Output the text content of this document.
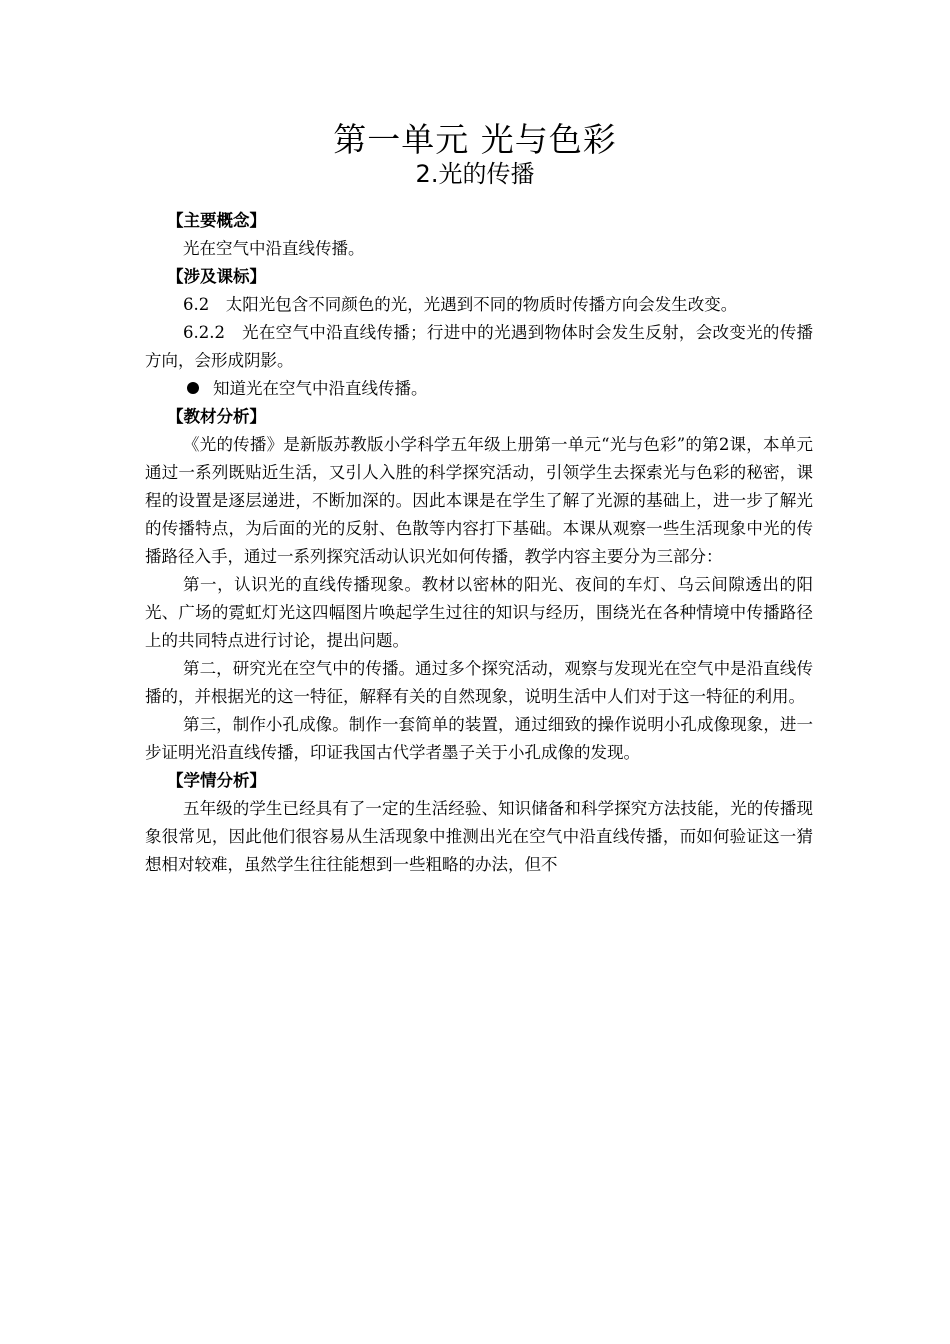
第一单元 光与色彩
2.光的传播

【主要概念】

光在空气中沿直线传播。

【涉及课标】

6.2　太阳光包含不同颜色的光，光遇到不同的物质时传播方向会发生改变。

6.2.2　光在空气中沿直线传播；行进中的光遇到物体时会发生反射，会改变光的传播方向，会形成阴影。

知道光在空气中沿直线传播。

【教材分析】

《光的传播》是新版苏教版小学科学五年级上册第一单元“光与色彩”的第2课，本单元通过一系列既贴近生活，又引人入胜的科学探究活动，引领学生去探索光与色彩的秘密，课程的设置是逐层递进，不断加深的。因此本课是在学生了解了光源的基础上，进一步了解光的传播特点，为后面的光的反射、色散等内容打下基础。本课从观察一些生活现象中光的传播路径入手，通过一系列探究活动认识光如何传播，教学内容主要分为三部分：

第一，认识光的直线传播现象。教材以密林的阳光、夜间的车灯、乌云间隙透出的阳光、广场的霓虹灯光这四幅图片唤起学生过往的知识与经历，围绕光在各种情境中传播路径上的共同特点进行讨论，提出问题。

第二，研究光在空气中的传播。通过多个探究活动，观察与发现光在空气中是沿直线传播的，并根据光的这一特征，解释有关的自然现象，说明生活中人们对于这一特征的利用。

第三，制作小孔成像。制作一套简单的装置，通过细致的操作说明小孔成像现象，进一步证明光沿直线传播，印证我国古代学者墨子关于小孔成像的发现。

【学情分析】

五年级的学生已经具有了一定的生活经验、知识储备和科学探究方法技能，光的传播现象很常见，因此他们很容易从生活现象中推测出光在空气中沿直线传播，而如何验证这一猜想相对较难，虽然学生往往能想到一些粗略的办法，但不
